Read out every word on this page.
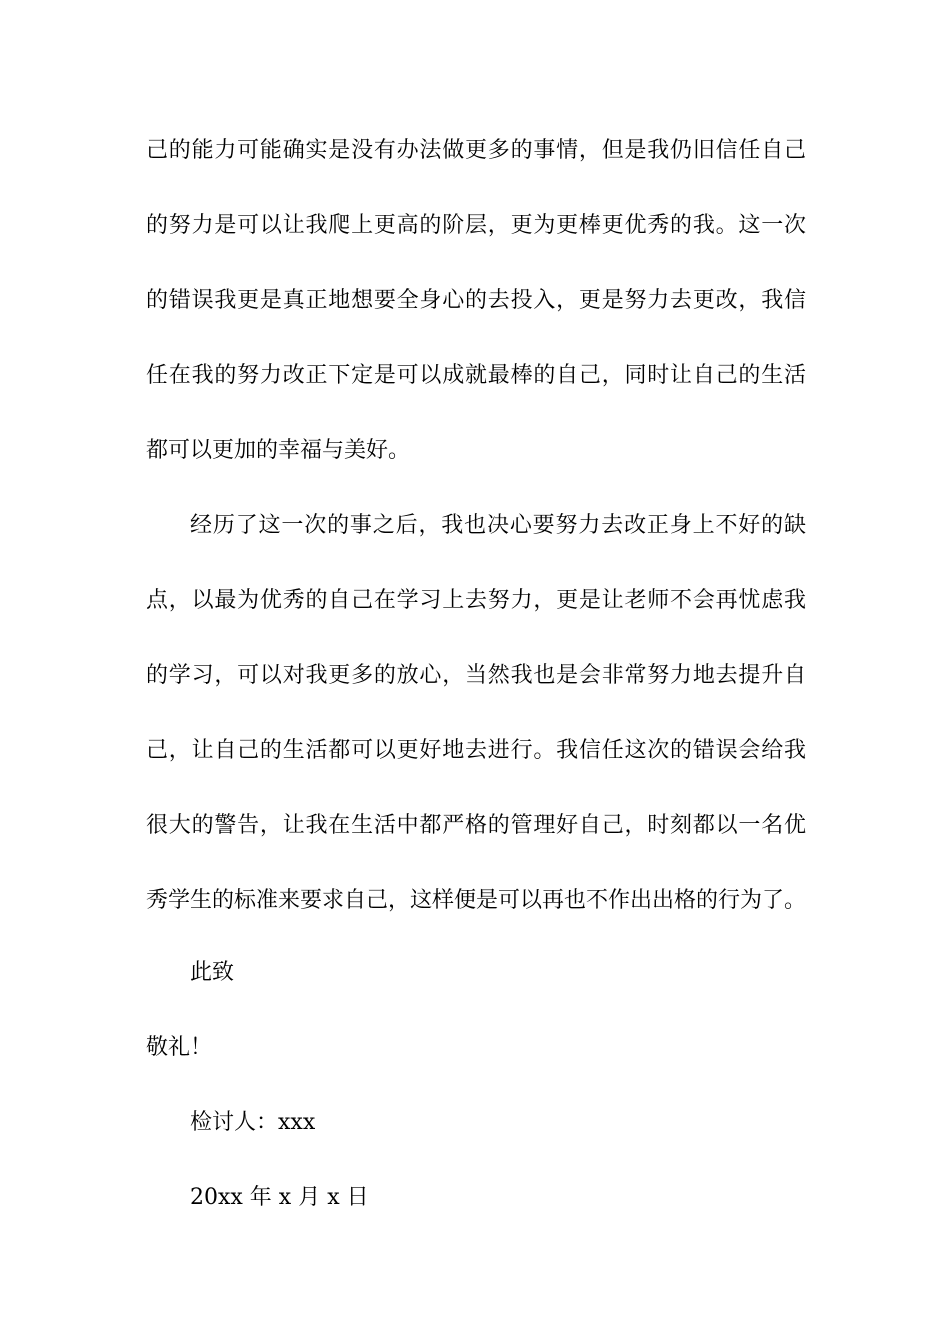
己的能力可能确实是没有办法做更多的事情，但是我仍旧信任自己
的努力是可以让我爬上更高的阶层，更为更棒更优秀的我。这一次
的错误我更是真正地想要全身心的去投入，更是努力去更改，我信
任在我的努力改正下定是可以成就最棒的自己，同时让自己的生活
都可以更加的幸福与美好。
经历了这一次的事之后，我也决心要努力去改正身上不好的缺
点，以最为优秀的自己在学习上去努力，更是让老师不会再忧虑我
的学习，可以对我更多的放心，当然我也是会非常努力地去提升自
己，让自己的生活都可以更好地去进行。我信任这次的错误会给我
很大的警告，让我在生活中都严格的管理好自己，时刻都以一名优
秀学生的标准来要求自己，这样便是可以再也不作出出格的行为了。
此致
敬礼！
检讨人：xxx
20xx 年 x 月 x 日
